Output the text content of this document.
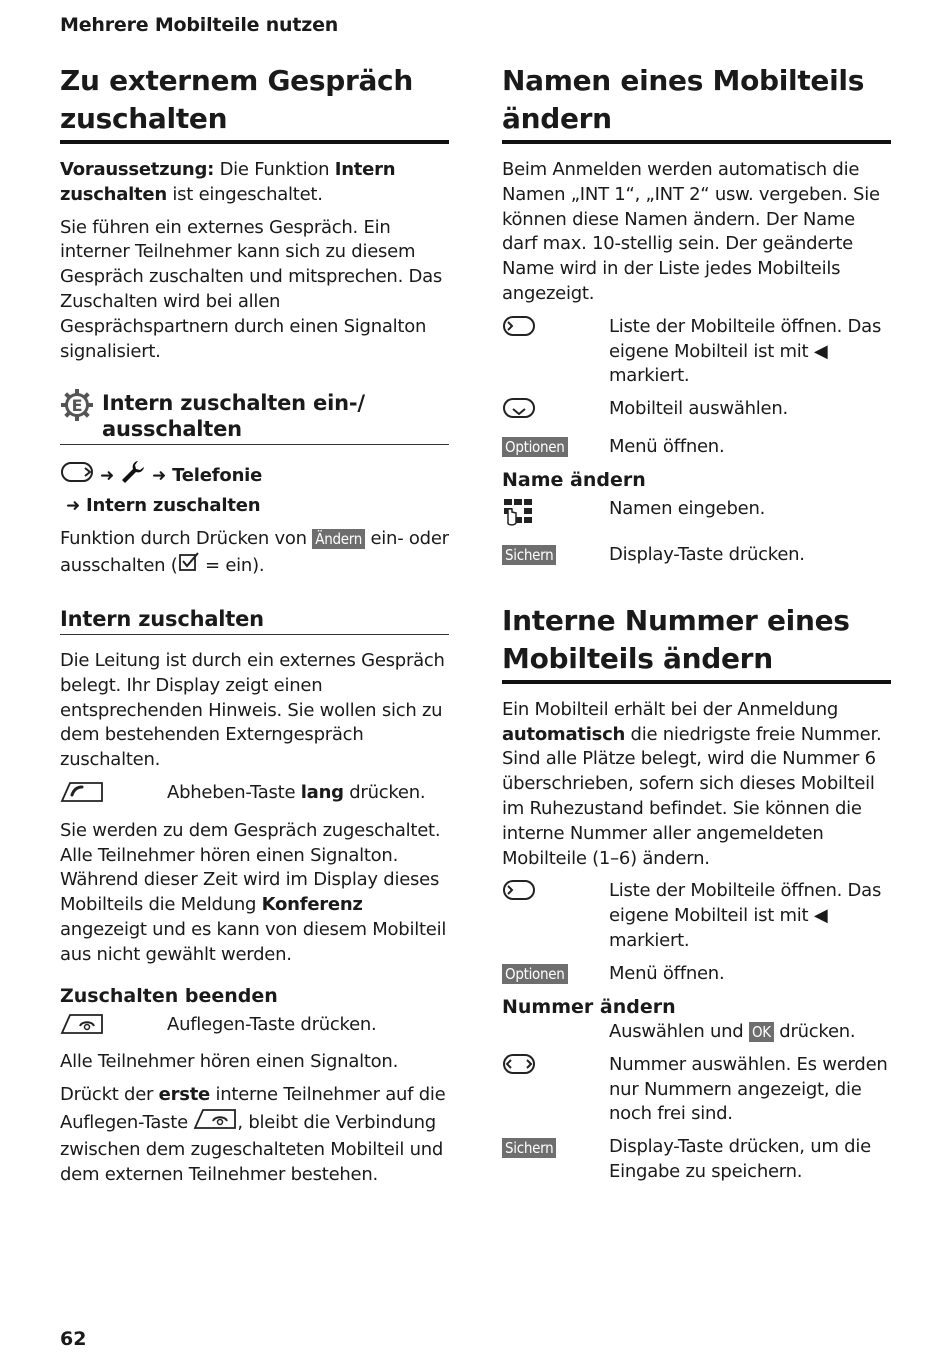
Mehrere Mobilteile nutzen
Zu externem Gespräch zuschalten
Voraussetzung: Die Funktion Intern zuschalten ist eingeschaltet.
Sie führen ein externes Gespräch. Ein interner Teilnehmer kann sich zu diesem Gespräch zuschalten und mitsprechen. Das Zuschalten wird bei allen Gesprächspartnern durch einen Signalton signalisiert.
E Intern zuschalten ein-/ ausschalten
➜ ➜ Telefonie
➜ Intern zuschalten
Funktion durch Drücken von Ändern ein- oder ausschalten ( = ein).
Intern zuschalten
Die Leitung ist durch ein externes Gespräch belegt. Ihr Display zeigt einen entsprechenden Hinweis. Sie wollen sich zu dem bestehenden Externgespräch zuschalten.
Abheben-Taste lang drücken.
Sie werden zu dem Gespräch zugeschaltet. Alle Teilnehmer hören einen Signalton. Während dieser Zeit wird im Display dieses Mobilteils die Meldung Konferenz angezeigt und es kann von diesem Mobilteil aus nicht gewählt werden.
Zuschalten beenden
Auflegen-Taste drücken.
Alle Teilnehmer hören einen Signalton.
Drückt der erste interne Teilnehmer auf die Auflegen-Taste , bleibt die Verbindung zwischen dem zugeschalteten Mobilteil und dem externen Teilnehmer bestehen.
Namen eines Mobilteils ändern
Beim Anmelden werden automatisch die Namen „INT 1“, „INT 2“ usw. vergeben. Sie können diese Namen ändern. Der Name darf max. 10-stellig sein. Der geänderte Name wird in der Liste jedes Mobilteils angezeigt.
Liste der Mobilteile öffnen. Das eigene Mobilteil ist mit ◀ markiert.
Mobilteil auswählen.
Optionen Menü öffnen.
Name ändern
Namen eingeben.
Sichern	Display-Taste drücken.
Interne Nummer eines Mobilteils ändern
Ein Mobilteil erhält bei der Anmeldung automatisch die niedrigste freie Nummer. Sind alle Plätze belegt, wird die Nummer 6 überschrieben, sofern sich dieses Mobilteil im Ruhezustand befindet. Sie können die interne Nummer aller angemeldeten Mobilteile (1–6) ändern.
Liste der Mobilteile öffnen. Das eigene Mobilteil ist mit ◀ markiert.
Optionen Menü öffnen.
Nummer ändern
Auswählen und OK drücken.
Nummer auswählen. Es werden nur Nummern angezeigt, die noch frei sind.
Sichern	Display-Taste drücken, um die Eingabe zu speichern.
62
